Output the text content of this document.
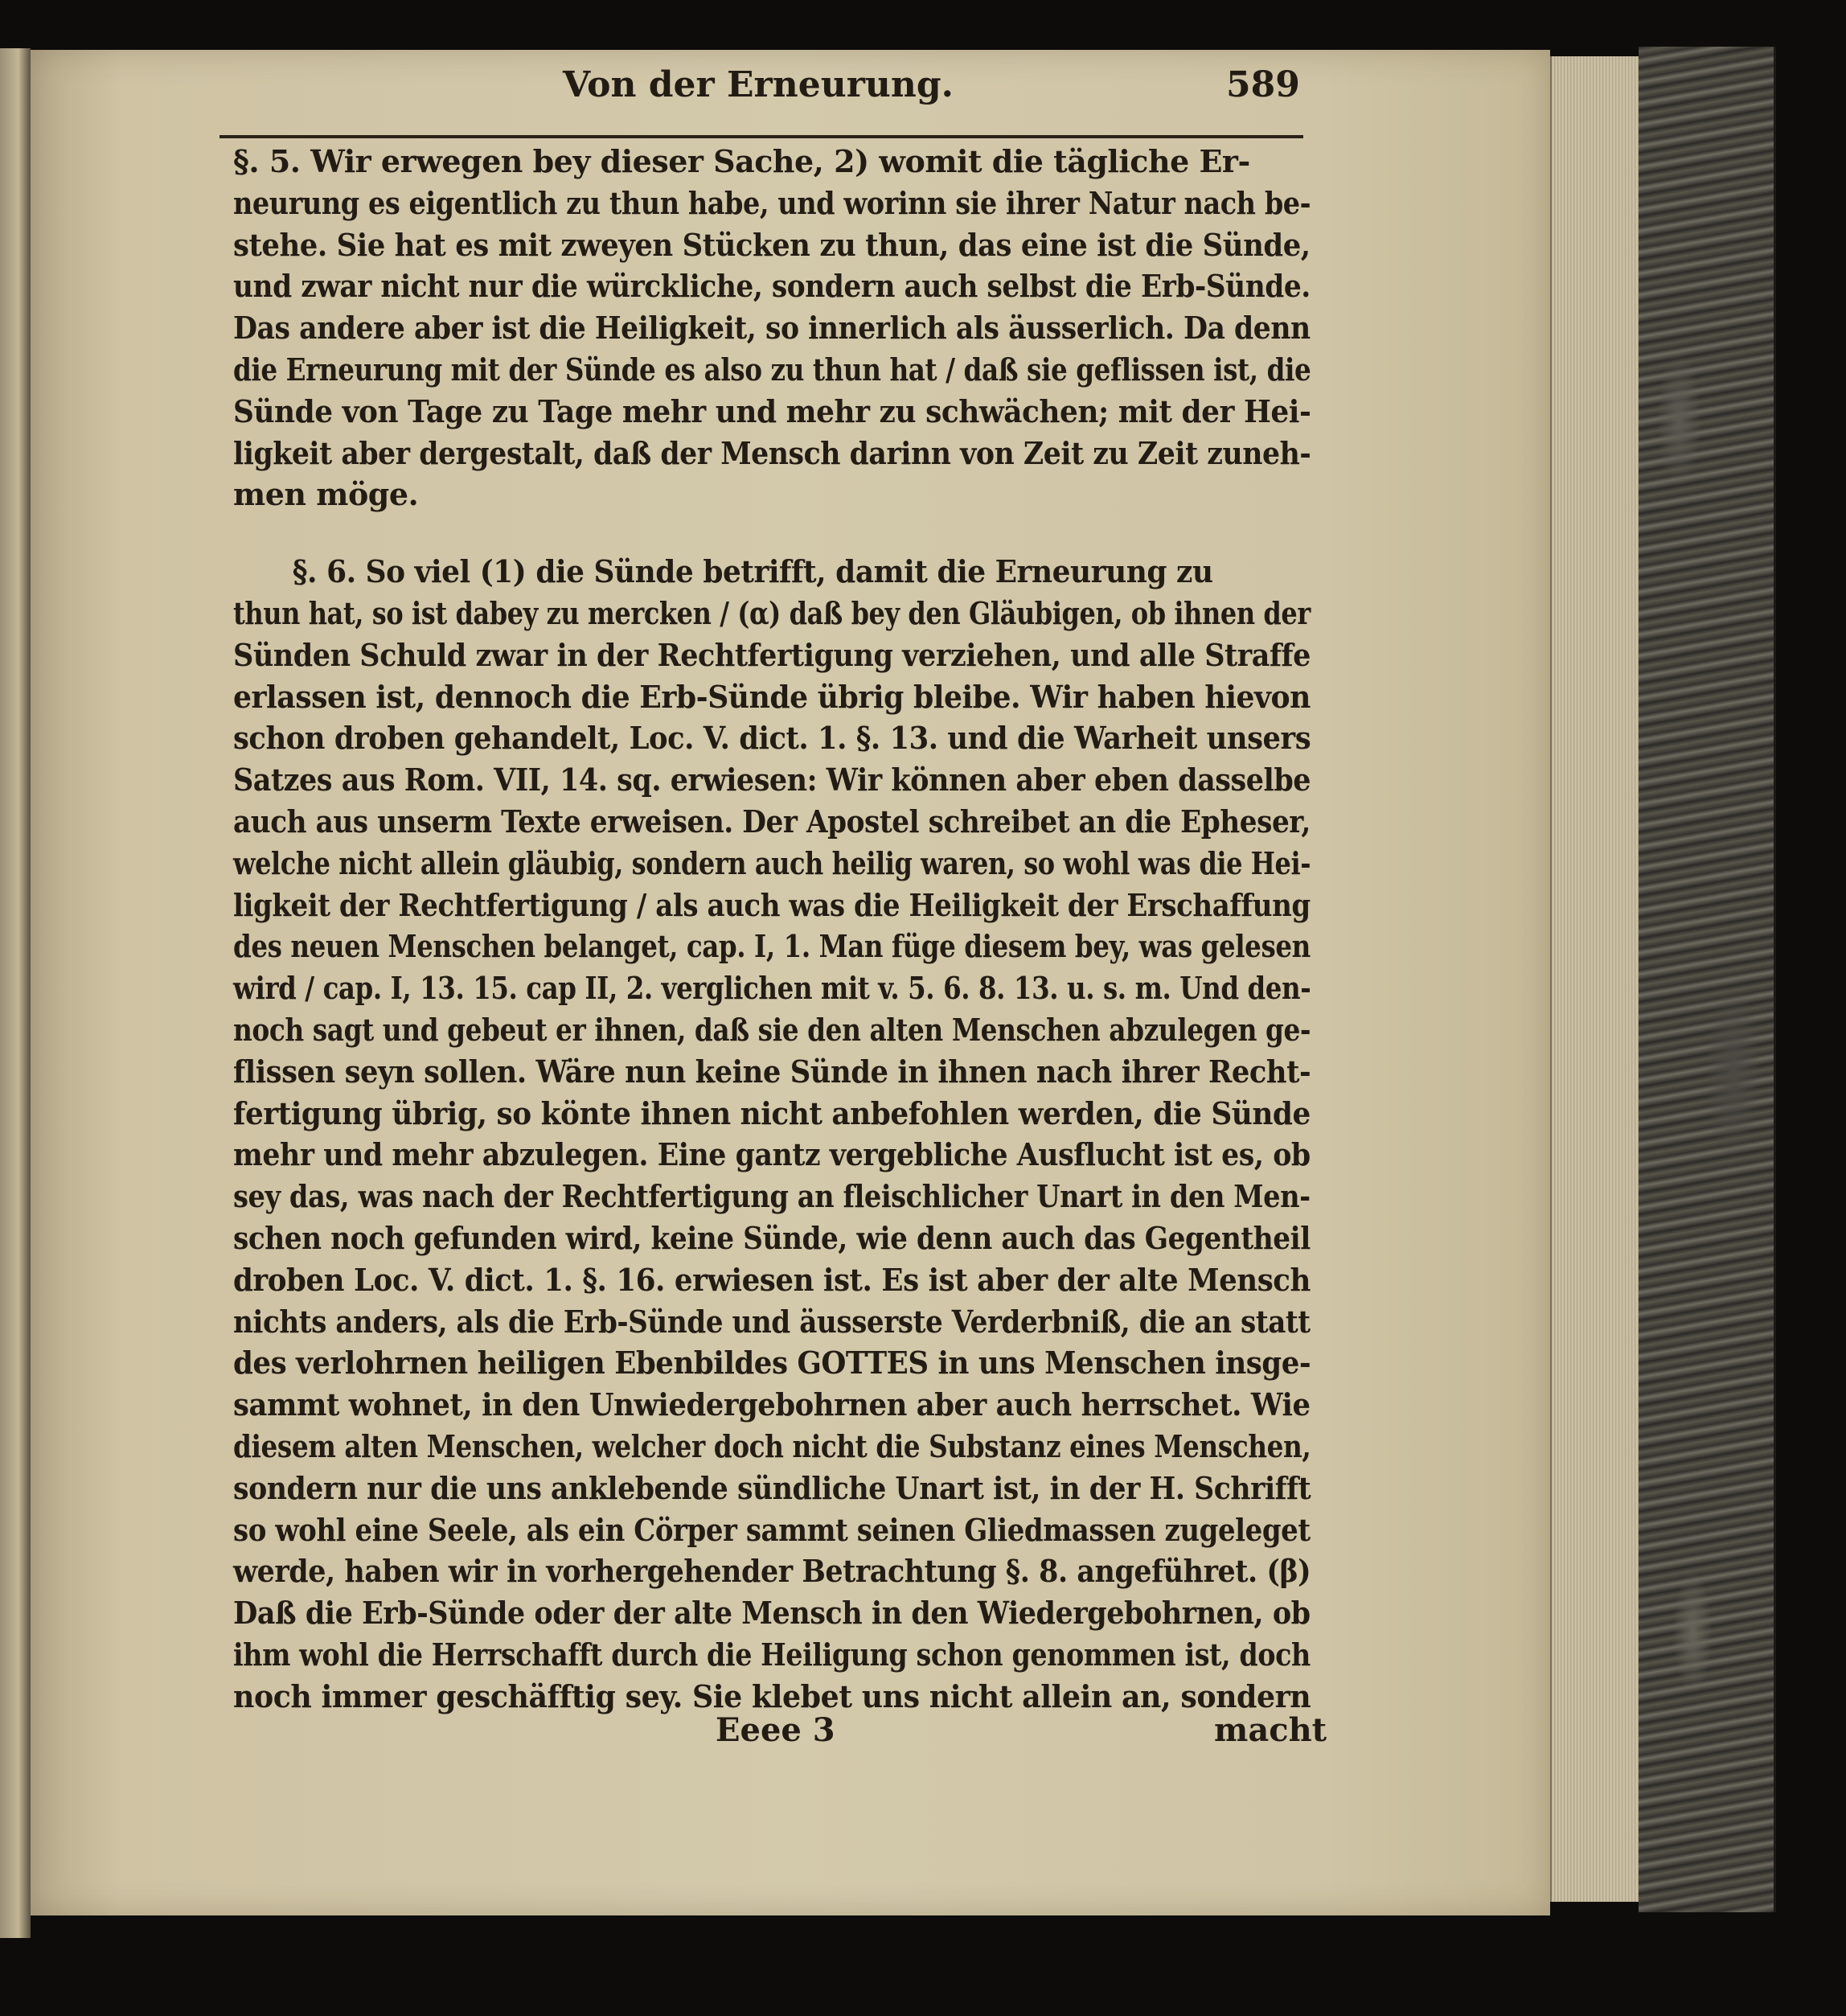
Von der Erneurung.	589
§. 5. Wir erwegen bey dieser Sache, 2) womit die tägliche Er-
neurung es eigentlich zu thun habe, und worinn sie ihrer Natur nach be-
stehe. Sie hat es mit zweyen Stücken zu thun, das eine ist die Sünde,
und zwar nicht nur die würckliche, sondern auch selbst die Erb-Sünde.
Das andere aber ist die Heiligkeit, so innerlich als äusserlich. Da denn
die Erneurung mit der Sünde es also zu thun hat / daß sie geflissen ist, die
Sünde von Tage zu Tage mehr und mehr zu schwächen; mit der Hei-
ligkeit aber dergestalt, daß der Mensch darinn von Zeit zu Zeit zuneh-
men möge.
§. 6. So viel (1) die Sünde betrifft, damit die Erneurung zu
thun hat, so ist dabey zu mercken / (α) daß bey den Gläubigen, ob ihnen der
Sünden Schuld zwar in der Rechtfertigung verziehen, und alle Straffe
erlassen ist, dennoch die Erb-Sünde übrig bleibe. Wir haben hievon
schon droben gehandelt, Loc. V. dict. 1. §. 13. und die Warheit unsers
Satzes aus Rom. VII, 14. sq. erwiesen: Wir können aber eben dasselbe
auch aus unserm Texte erweisen. Der Apostel schreibet an die Epheser,
welche nicht allein gläubig, sondern auch heilig waren, so wohl was die Hei-
ligkeit der Rechtfertigung / als auch was die Heiligkeit der Erschaffung
des neuen Menschen belanget, cap. I, 1. Man füge diesem bey, was gelesen
wird / cap. I, 13. 15. cap II, 2. verglichen mit v. 5. 6. 8. 13. u. s. m. Und den-
noch sagt und gebeut er ihnen, daß sie den alten Menschen abzulegen ge-
flissen seyn sollen. Wäre nun keine Sünde in ihnen nach ihrer Recht-
fertigung übrig, so könte ihnen nicht anbefohlen werden, die Sünde
mehr und mehr abzulegen. Eine gantz vergebliche Ausflucht ist es, ob
sey das, was nach der Rechtfertigung an fleischlicher Unart in den Men-
schen noch gefunden wird, keine Sünde, wie denn auch das Gegentheil
droben Loc. V. dict. 1. §. 16. erwiesen ist. Es ist aber der alte Mensch
nichts anders, als die Erb-Sünde und äusserste Verderbniß, die an statt
des verlohrnen heiligen Ebenbildes GOTTES in uns Menschen insge-
sammt wohnet, in den Unwiedergebohrnen aber auch herrschet. Wie
diesem alten Menschen, welcher doch nicht die Substanz eines Menschen,
sondern nur die uns anklebende sündliche Unart ist, in der H. Schrifft
so wohl eine Seele, als ein Cörper sammt seinen Gliedmassen zugeleget
werde, haben wir in vorhergehender Betrachtung §. 8. angeführet. (β)
Daß die Erb-Sünde oder der alte Mensch in den Wiedergebohrnen, ob
ihm wohl die Herrschafft durch die Heiligung schon genommen ist, doch
noch immer geschäfftig sey. Sie klebet uns nicht allein an, sondern
Eeee 3	macht
